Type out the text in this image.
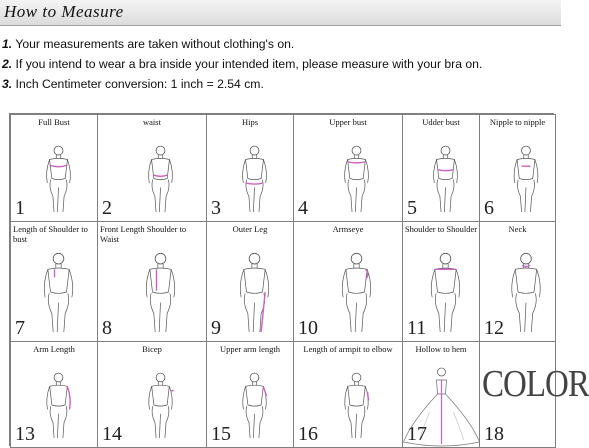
How to Measure
1. Your measurements are taken without clothing's on.
2. If you intend to wear a bra inside your intended item, please measure with your bra on.
3. Inch Centimeter conversion: 1 inch = 2.54 cm.
Full Bust
1
waist
2
Hips
3
Upper bust
4
Udder bust
5
Nipple to nipple
6
Length of Shoulder to bust
7
Front Length Shoulder to Waist
8
Outer Leg
9
Armseye
10
Shoulder to Shoulder
11
Neck
12
Arm Length
13
Bicep
14
Upper arm length
15
Length of armpit to elbow
16
Hollow to hem
17
COLOR
18
